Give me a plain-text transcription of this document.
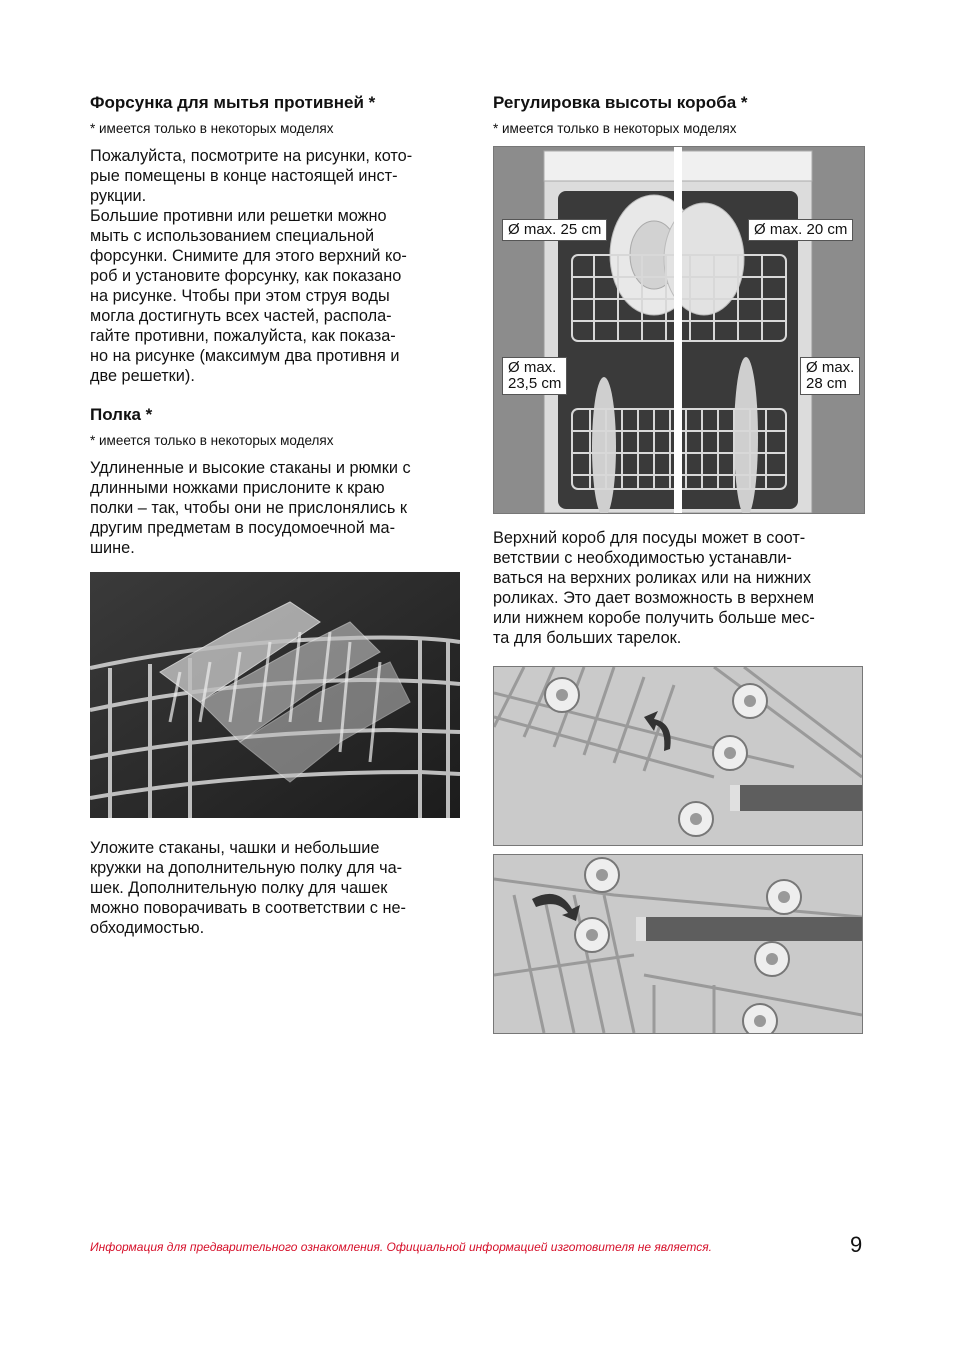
Форсунка для мытья противней *

* имеется только в некоторых моделях

Пожалуйста, посмотрите на рисунки, кото-
рые помещены в конце настоящей инст-
рукции.
Большие противни или решетки можно
мыть с использованием специальной
форсунки. Снимите для этого верхний ко-
роб и установите форсунку, как показано
на рисунке. Чтобы при этом струя воды
могла достигнуть всех частей, распола-
гайте противни, пожалуйста, как показа-
но на рисунке (максимум два противня и
две решетки).

Полка *

* имеется только в некоторых моделях

Удлиненные и высокие стаканы и рюмки с
длинными ножками прислоните к краю
полки – так, чтобы они не прислонялись к
другим предметам в посудомоечной ма-
шине.

Уложите стаканы, чашки и небольшие
кружки на дополнительную полку для ча-
шек. Дополнительную полку для чашек
можно поворачивать в соответствии с не-
обходимостью.

Регулировка высоты короба *

* имеется только в некоторых моделях

Ø max. 25 cm	Ø max. 20 cm
Ø max.
23,5 cm
Ø max.
28 cm

Верхний короб для посуды может в соот-
ветствии с необходимостью устанавли-
ваться на верхних роликах или на нижних
роликах. Это дает возможность в верхнем
или нижнем коробе получить больше мес-
та для больших тарелок.

Информация для предварительного ознакомления. Официальной информацией изготовителя не является.	9
